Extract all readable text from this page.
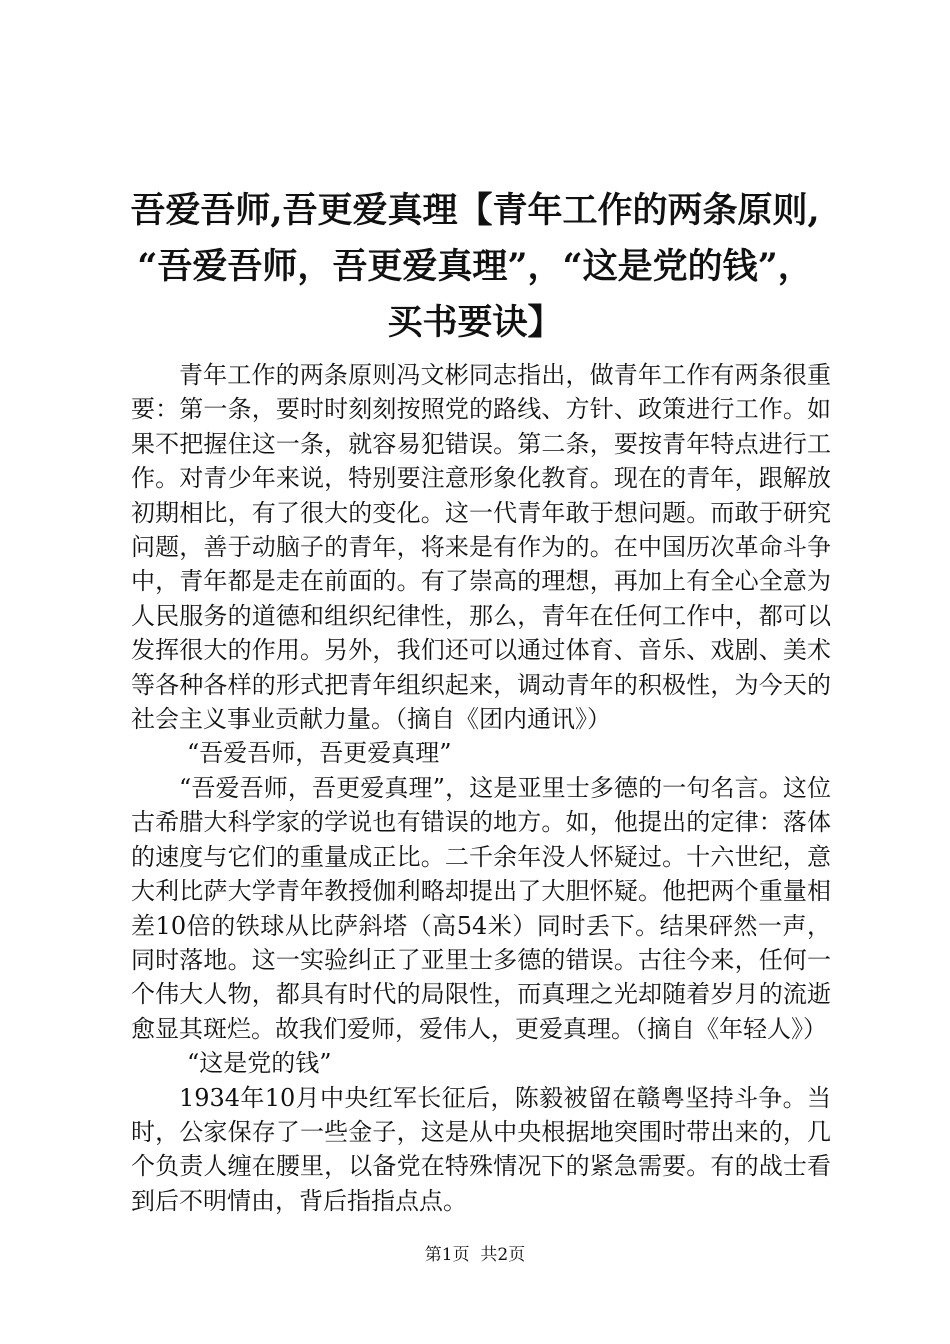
吾爱吾师,吾更爱真理【青年工作的两条原则,
“吾爱吾师，吾更爱真理”，“这是党的钱”，
买书要诀】

青年工作的两条原则冯文彬同志指出，做青年工作有两条很重要：第一条，要时时刻刻按照党的路线、方针、政策进行工作。如果不把握住这一条，就容易犯错误。第二条，要按青年特点进行工作。对青少年来说，特别要注意形象化教育。现在的青年，跟解放初期相比，有了很大的变化。这一代青年敢于想问题。而敢于研究问题，善于动脑子的青年，将来是有作为的。在中国历次革命斗争中，青年都是走在前面的。有了崇高的理想，再加上有全心全意为人民服务的道德和组织纪律性，那么，青年在任何工作中，都可以发挥很大的作用。另外，我们还可以通过体育、音乐、戏剧、美术等各种各样的形式把青年组织起来，调动青年的积极性，为今天的社会主义事业贡献力量。（摘自《团内通讯》）

“吾爱吾师，吾更爱真理”

“吾爱吾师，吾更爱真理”，这是亚里士多德的一句名言。这位古希腊大科学家的学说也有错误的地方。如，他提出的定律：落体的速度与它们的重量成正比。二千余年没人怀疑过。十六世纪，意大利比萨大学青年教授伽利略却提出了大胆怀疑。他把两个重量相差10倍的铁球从比萨斜塔（高54米）同时丢下。结果砰然一声，同时落地。这一实验纠正了亚里士多德的错误。古往今来，任何一个伟大人物，都具有时代的局限性，而真理之光却随着岁月的流逝愈显其斑烂。故我们爱师，爱伟人，更爱真理。（摘自《年轻人》）

“这是党的钱”

1934年10月中央红军长征后，陈毅被留在赣粤坚持斗争。当时，公家保存了一些金子，这是从中央根据地突围时带出来的，几个负责人缠在腰里，以备党在特殊情况下的紧急需要。有的战士看到后不明情由，背后指指点点。

第1页  共2页
